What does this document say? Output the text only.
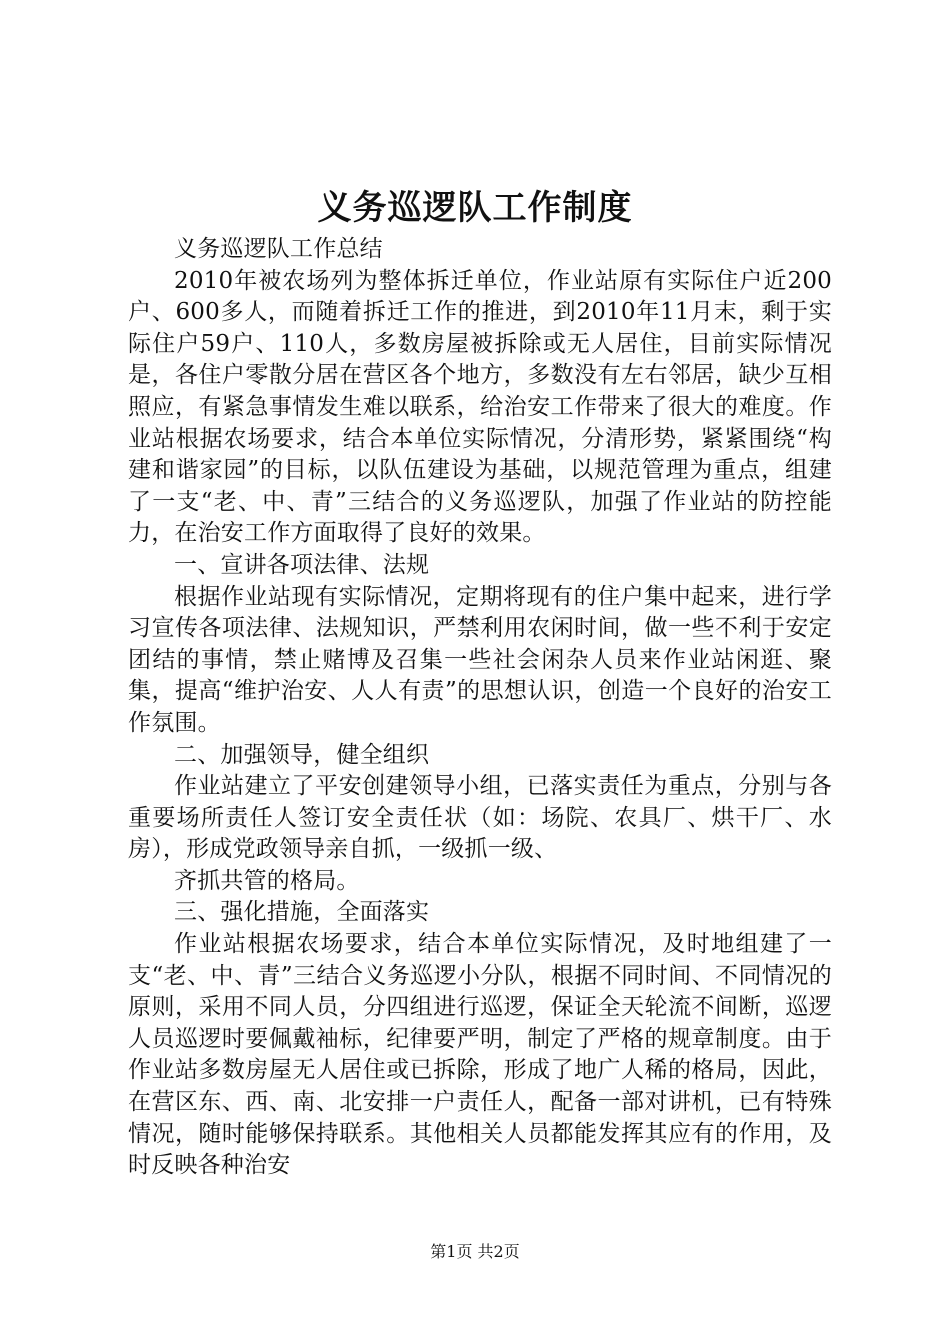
义务巡逻队工作制度

义务巡逻队工作总结

2010年被农场列为整体拆迁单位，作业站原有实际住户近200户、600多人，而随着拆迁工作的推进，到2010年11月末，剩于实际住户59户、110人，多数房屋被拆除或无人居住，目前实际情况是，各住户零散分居在营区各个地方，多数没有左右邻居，缺少互相照应，有紧急事情发生难以联系，给治安工作带来了很大的难度。作业站根据农场要求，结合本单位实际情况，分清形势，紧紧围绕“构建和谐家园”的目标，以队伍建设为基础，以规范管理为重点，组建了一支“老、中、青”三结合的义务巡逻队，加强了作业站的防控能力，在治安工作方面取得了良好的效果。

一、宣讲各项法律、法规

根据作业站现有实际情况，定期将现有的住户集中起来，进行学习宣传各项法律、法规知识，严禁利用农闲时间，做一些不利于安定团结的事情，禁止赌博及召集一些社会闲杂人员来作业站闲逛、聚集，提高“维护治安、人人有责”的思想认识，创造一个良好的治安工作氛围。

二、加强领导，健全组织

作业站建立了平安创建领导小组，已落实责任为重点，分别与各重要场所责任人签订安全责任状（如：场院、农具厂、烘干厂、水房），形成党政领导亲自抓，一级抓一级、

齐抓共管的格局。

三、强化措施，全面落实

作业站根据农场要求，结合本单位实际情况，及时地组建了一支“老、中、青”三结合义务巡逻小分队，根据不同时间、不同情况的原则，采用不同人员，分四组进行巡逻，保证全天轮流不间断，巡逻人员巡逻时要佩戴袖标，纪律要严明，制定了严格的规章制度。由于作业站多数房屋无人居住或已拆除，形成了地广人稀的格局，因此，在营区东、西、南、北安排一户责任人，配备一部对讲机，已有特殊情况，随时能够保持联系。其他相关人员都能发挥其应有的作用，及时反映各种治安

第1页 共2页
